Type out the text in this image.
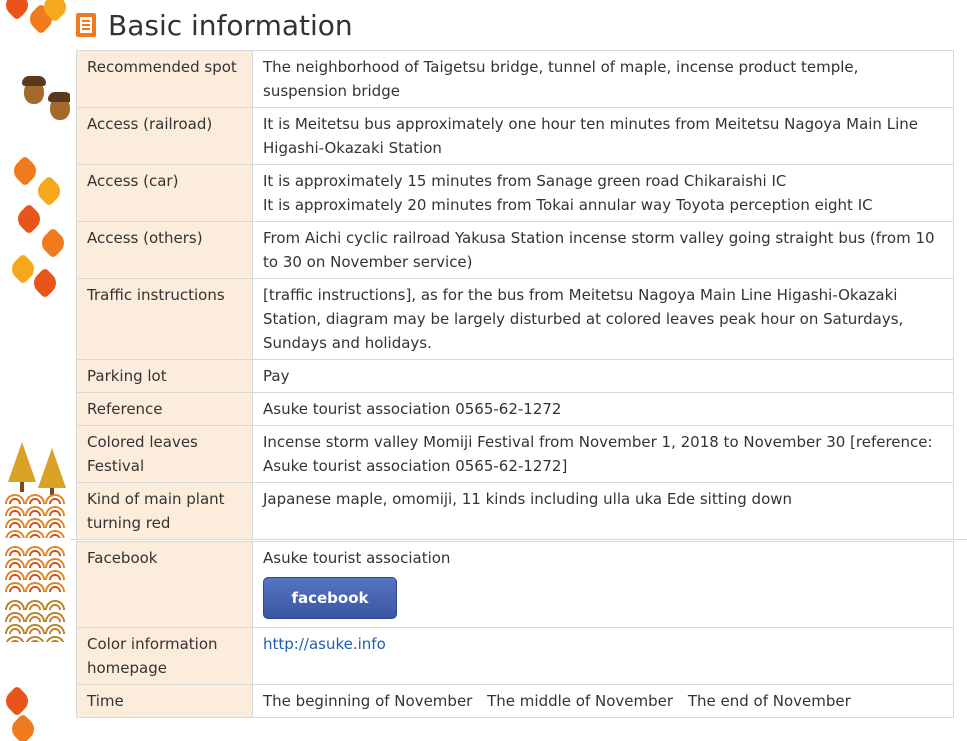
Basic information
Recommended spot	The neighborhood of Taigetsu bridge, tunnel of maple, incense product temple, suspension bridge

Access (railroad)	It is Meitetsu bus approximately one hour ten minutes from Meitetsu Nagoya Main Line Higashi-Okazaki Station

Access (car)	It is approximately 15 minutes from Sanage green road Chikaraishi IC
It is approximately 20 minutes from Tokai annular way Toyota perception eight IC

Access (others)	From Aichi cyclic railroad Yakusa Station incense storm valley going straight bus (from 10 to 30 on November service)

Traffic instructions	[traffic instructions], as for the bus from Meitetsu Nagoya Main Line Higashi-Okazaki Station, diagram may be largely disturbed at colored leaves peak hour on Saturdays, Sundays and holidays.

Parking lot	Pay

Reference	Asuke tourist association 0565-62-1272

Colored leaves Festival	Incense storm valley Momiji Festival from November 1, 2018 to November 30 [reference: Asuke tourist association 0565-62-1272]

Kind of main plant turning red	Japanese maple, omomiji, 11 kinds including ulla uka Ede sitting down
Facebook	Asuke tourist association
facebook
Color information homepage	http://asuke.info
Time	The beginning of November The middle of November The end of November
